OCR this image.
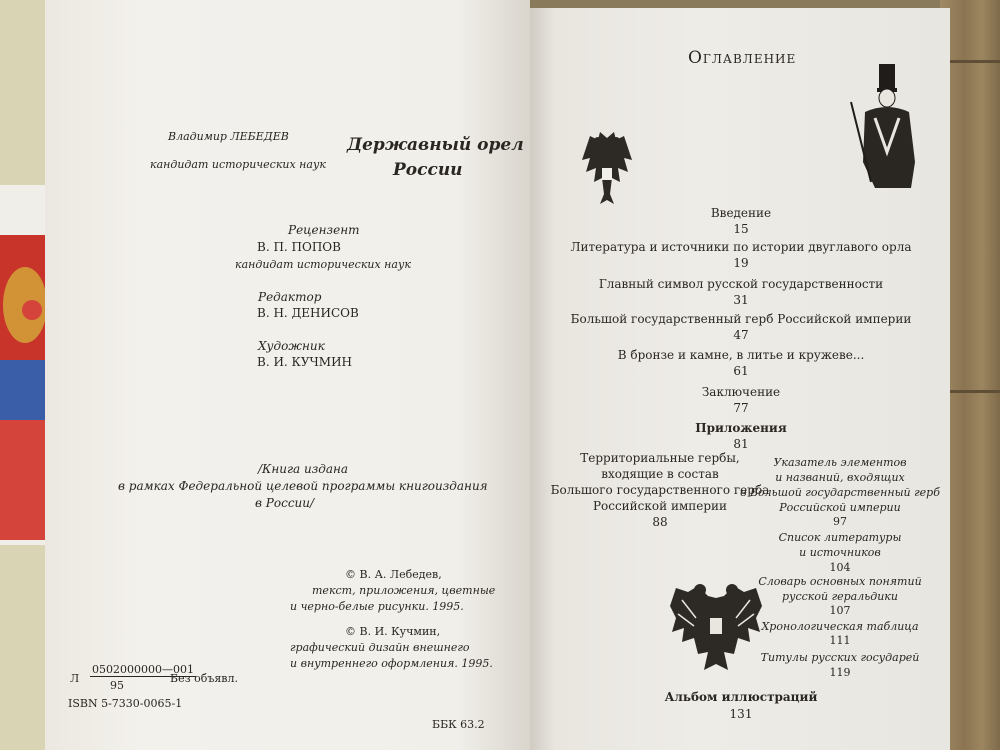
Владимир ЛЕБЕДЕВ
кандидат исторических наук
Державный орел
России
Рецензент
В. П. ПОПОВ
кандидат исторических наук
Редактор
В. Н. ДЕНИСОВ
Художник
В. И. КУЧМИН
/Книга издана
в рамках Федеральной целевой программы книгоиздания
в России/
© В. А. Лебедев,
текст, приложения, цветные
и черно-белые рисунки. 1995.
© В. И. Кучмин,
графический дизайн внешнего
и внутреннего оформления. 1995.
Л
$\frac{0502000000—001}{95}$
Без объявл.
ISBN 5-7330-0065-1
ББК 63.2
Оглавление
Введение
15
Литература и источники по истории двуглавого орла
19
Главный символ русской государственности
31
Большой государственный герб Российской империи
47
В бронзе и камне, в литье и кружеве...
61
Заключение
77
Приложения
81
Территориальные гербы,
входящие в состав
Большого государственного герба
Российской империи
88
Указатель элементов
и названий, входящих
в Большой государственный герб
Российской империи
97
Список литературы
и источников
104
Словарь основных понятий
русской геральдики
107
Хронологическая таблица
111
Титулы русских государей
119
Альбом иллюстраций
131
